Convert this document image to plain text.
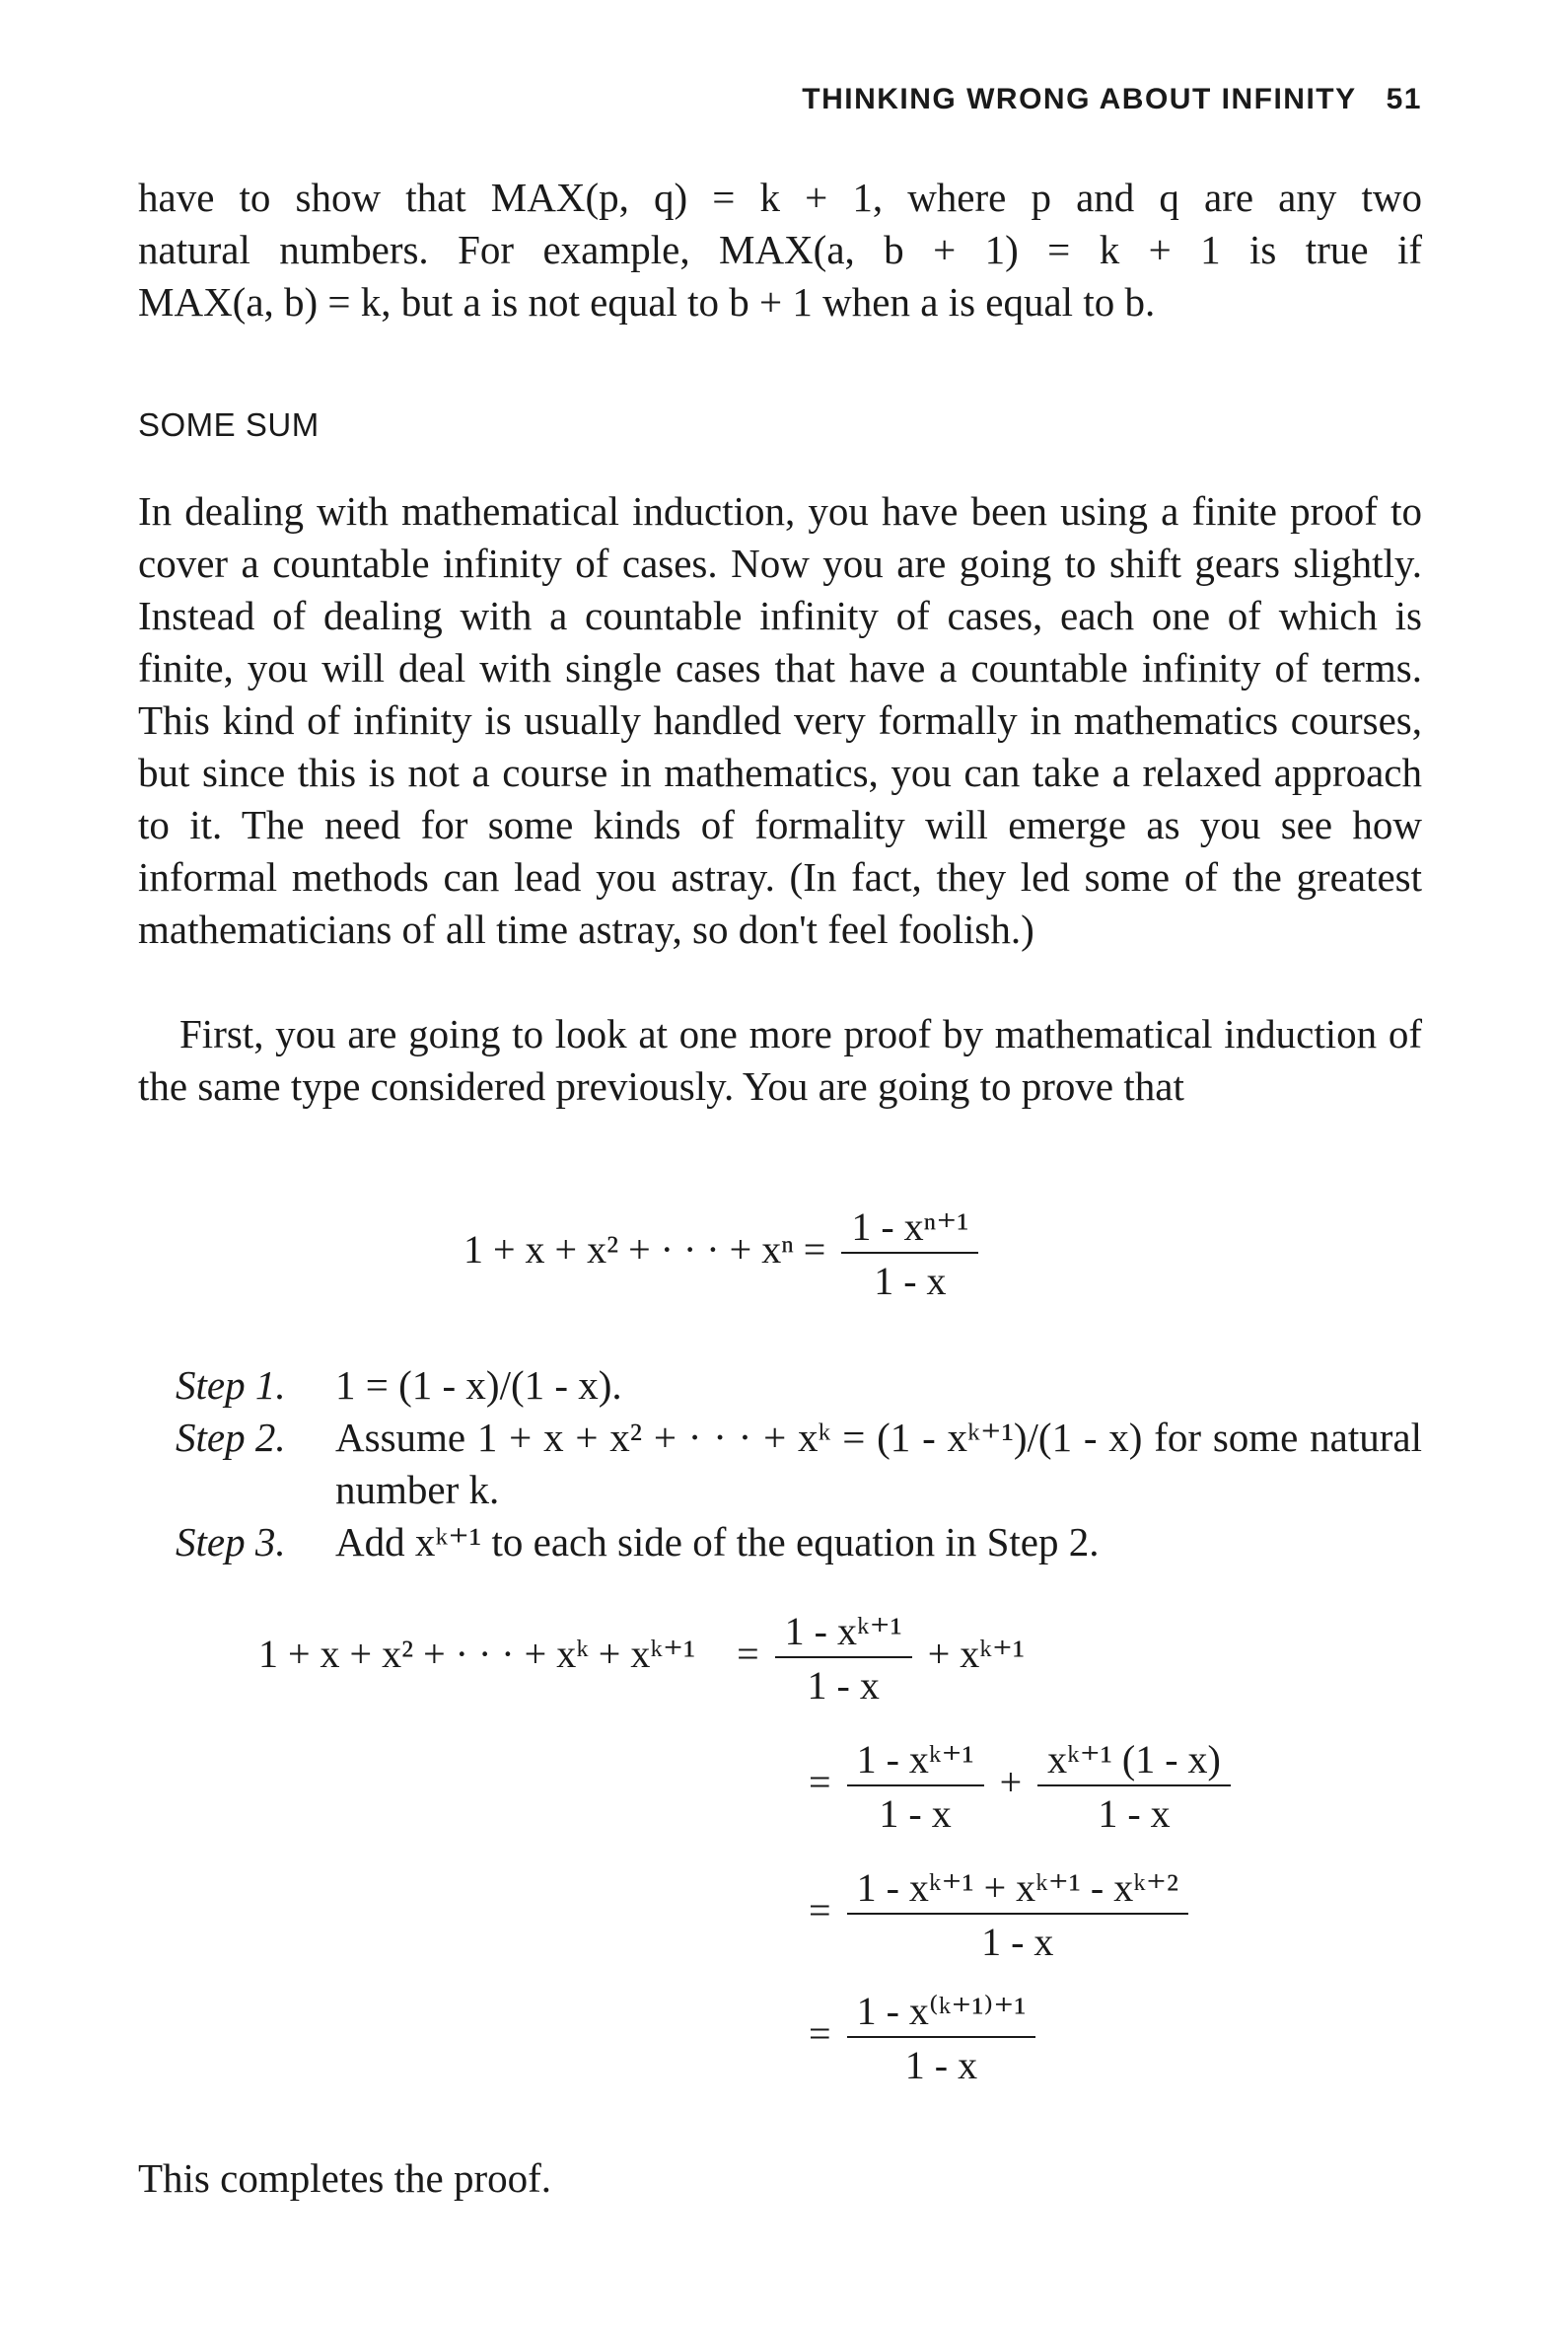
THINKING WRONG ABOUT INFINITY 51
have to show that MAX(p, q) = k + 1, where p and q are any two
natural numbers. For example, MAX(a, b + 1) = k + 1 is true if
MAX(a, b) = k, but a is not equal to b + 1 when a is equal to b.
SOME SUM
In dealing with mathematical induction, you have been using a finite proof to cover a countable infinity of cases. Now you are going to shift gears slightly. Instead of dealing with a countable infinity of cases, each one of which is finite, you will deal with single cases that have a countable infinity of terms. This kind of infinity is usually handled very formally in mathematics courses, but since this is not a course in mathematics, you can take a relaxed approach to it. The need for some kinds of formality will emerge as you see how informal methods can lead you astray. (In fact, they led some of the greatest mathematicians of all time astray, so don't feel foolish.)
First, you are going to look at one more proof by mathematical induction of the same type considered previously. You are going to prove that
1 + x + x² + · · · + $x^n = \frac{\text{1 - xⁿ⁺¹}}{1 - x}$
Step 1.	1 = (1 - x)/(1 - x).
Step 2.	Assume 1 + x + x² + · · · + xᵏ = (1 - xᵏ⁺¹)/(1 - x) for some natural number k.
Step 3.	Add xᵏ⁺¹ to each side of the equation in Step 2.
1 + x + x² + · · · + xᵏ + xᵏ⁺¹  = $\frac{\text{1 - xᵏ⁺¹}}{1 - x}$ + xᵏ⁺¹
= $\frac{\text{1 - xᵏ⁺¹}}{1 - x} + \frac{\text{xᵏ⁺¹ (1 - x)}}{1 - x}$
= $\frac{\text{1 - xᵏ⁺¹ + xᵏ⁺¹ - xᵏ⁺²}}{1 - x}$
= $\frac{\text{1 - x⁽ᵏ⁺¹⁾⁺¹}}{1 - x}$
This completes the proof.
